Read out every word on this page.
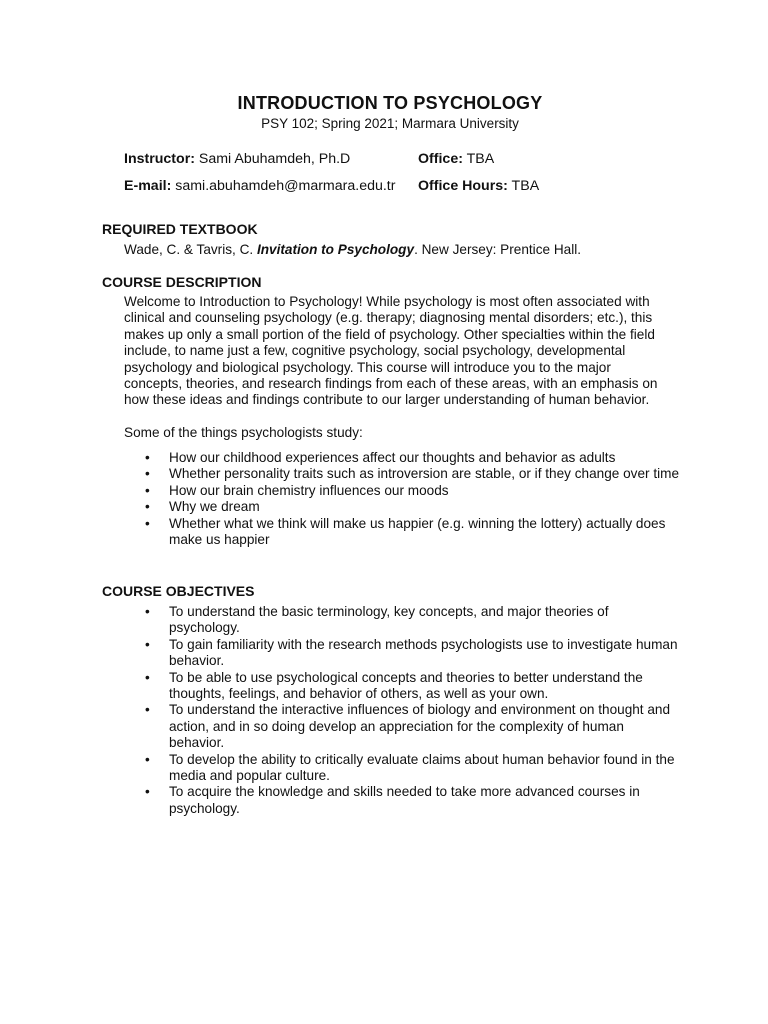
INTRODUCTION TO PSYCHOLOGY
PSY 102; Spring 2021; Marmara University
Instructor: Sami Abuhamdeh, Ph.D	Office: TBA
E-mail: sami.abuhamdeh@marmara.edu.tr Office Hours: TBA
REQUIRED TEXTBOOK
Wade, C. & Tavris, C. Invitation to Psychology. New Jersey: Prentice Hall.
COURSE DESCRIPTION
Welcome to Introduction to Psychology! While psychology is most often associated with
clinical and counseling psychology (e.g. therapy; diagnosing mental disorders; etc.), this
makes up only a small portion of the field of psychology. Other specialties within the field
include, to name just a few, cognitive psychology, social psychology, developmental
psychology and biological psychology. This course will introduce you to the major
concepts, theories, and research findings from each of these areas, with an emphasis on
how these ideas and findings contribute to our larger understanding of human behavior.
Some of the things psychologists study:
• How our childhood experiences affect our thoughts and behavior as adults
• Whether personality traits such as introversion are stable, or if they change over time
• How our brain chemistry influences our moods
• Why we dream
• Whether what we think will make us happier (e.g. winning the lottery) actually does make us happier
COURSE OBJECTIVES
• To understand the basic terminology, key concepts, and major theories of psychology.
• To gain familiarity with the research methods psychologists use to investigate human behavior.
• To be able to use psychological concepts and theories to better understand the thoughts, feelings, and behavior of others, as well as your own.
• To understand the interactive influences of biology and environment on thought and action, and in so doing develop an appreciation for the complexity of human behavior.
• To develop the ability to critically evaluate claims about human behavior found in the media and popular culture.
• To acquire the knowledge and skills needed to take more advanced courses in psychology.
